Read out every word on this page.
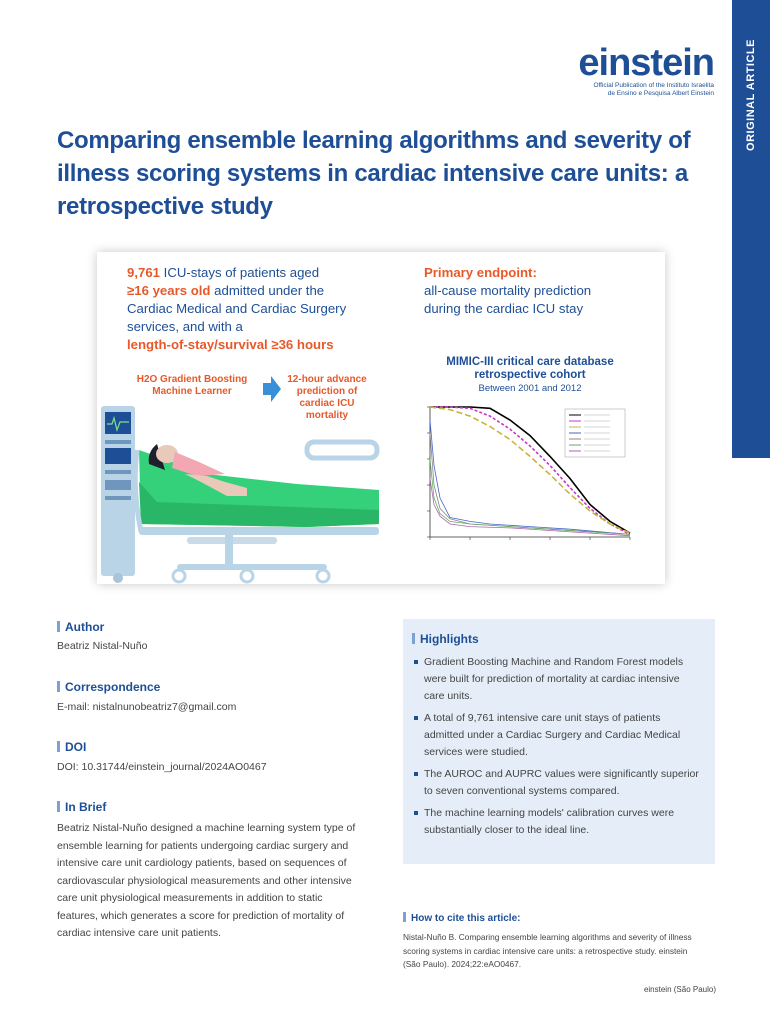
ORIGINAL ARTICLE
einstein
Official Publication of the Instituto Israelita
de Ensino e Pesquisa Albert Einstein
Comparing ensemble learning algorithms and severity of illness scoring systems in cardiac intensive care units: a retrospective study
9,761 ICU-stays of patients aged
≥16 years old admitted under the
Cardiac Medical and Cardiac Surgery
services, and with a
length-of-stay/survival ≥36 hours
Primary endpoint:
all-cause mortality prediction
during the cardiac ICU stay
H2O Gradient Boosting
Machine Learner
12-hour advance
prediction of
cardiac ICU
mortality
MIMIC-III critical care database
retrospective cohort
Between 2001 and 2012
Author
Beatriz Nistal-Nuño
Correspondence
E-mail: nistalnunobeatriz7@gmail.com
DOI
DOI: 10.31744/einstein_journal/2024AO0467
In Brief

Beatriz Nistal-Nuño designed a machine learning system type of ensemble learning for patients undergoing cardiac surgery and intensive care unit cardiology patients, based on sequences of cardiovascular physiological measurements and other intensive care unit physiological measurements in addition to static features, which generates a score for prediction of mortality of cardiac intensive care unit patients.

Highlights
Gradient Boosting Machine and Random Forest models were built for prediction of mortality at cardiac intensive care units.
A total of 9,761 intensive care unit stays of patients admitted under a Cardiac Surgery and Cardiac Medical services were studied.
The AUROC and AUPRC values were significantly superior to seven conventional systems compared.
The machine learning models' calibration curves were substantially closer to the ideal line.
How to cite this article:

Nistal-Nuño B. Comparing ensemble learning algorithms and severity of illness scoring systems in cardiac intensive care units: a retrospective study. einstein (São Paulo). 2024;22:eAO0467.

einstein (São Paulo)
